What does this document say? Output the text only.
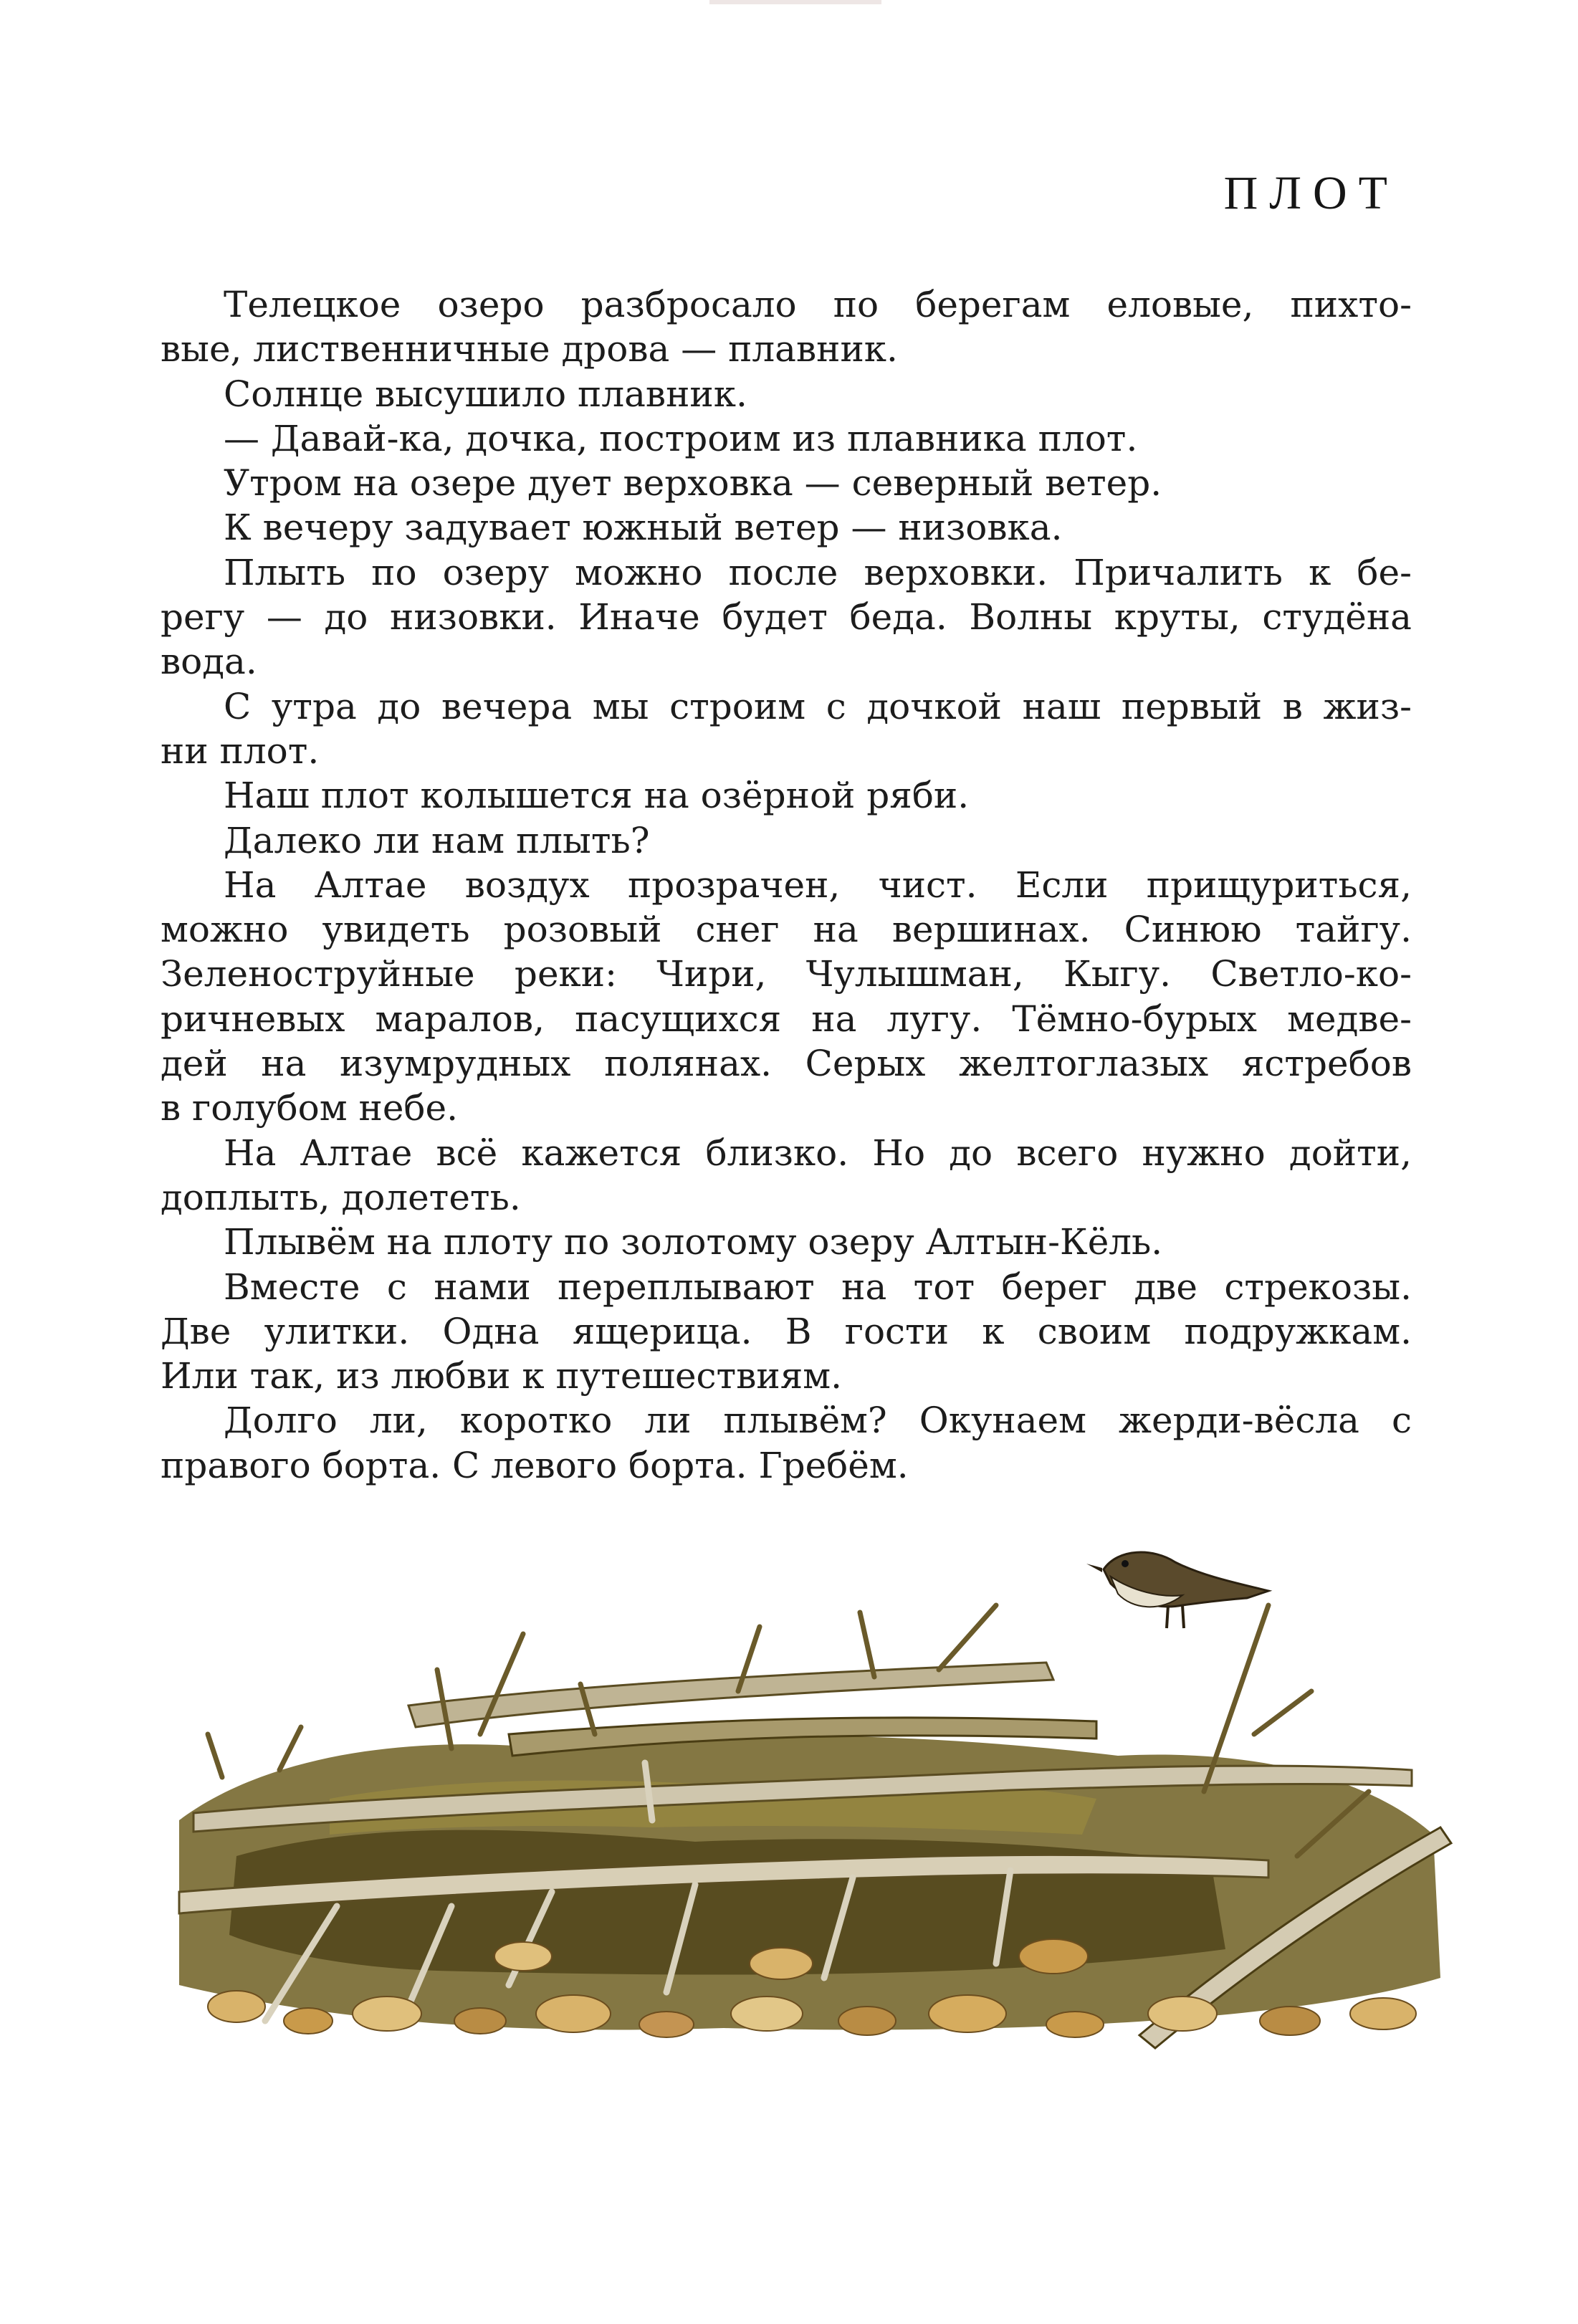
ПЛОТ
Телецкое озеро разбросало по берегам еловые, пихто-
вые, лиственничные дрова — плавник.
Солнце высушило плавник.
— Давай-ка, дочка, построим из плавника плот.
Утром на озере дует верховка — северный ветер.
К вечеру задувает южный ветер — низовка.
Плыть по озеру можно после верховки. Причалить к бе-
регу — до низовки. Иначе будет беда. Волны круты, студёна
вода.
С утра до вечера мы строим с дочкой наш первый в жиз-
ни плот.
Наш плот колышется на озёрной ряби.
Далеко ли нам плыть?
На Алтае воздух прозрачен, чист. Если прищуриться,
можно увидеть розовый снег на вершинах. Синюю тайгу.
Зеленоструйные реки: Чири, Чулышман, Кыгу. Светло-ко-
ричневых маралов, пасущихся на лугу. Тёмно-бурых медве-
дей на изумрудных полянах. Серых желтоглазых ястребов
в голубом небе.
На Алтае всё кажется близко. Но до всего нужно дойти,
доплыть, долететь.
Плывём на плоту по золотому озеру Алтын-Кёль.
Вместе с нами переплывают на тот берег две стрекозы.
Две улитки. Одна ящерица. В гости к своим подружкам.
Или так, из любви к путешествиям.
Долго ли, коротко ли плывём? Окунаем жерди-вёсла с
правого борта. С левого борта. Гребём.
